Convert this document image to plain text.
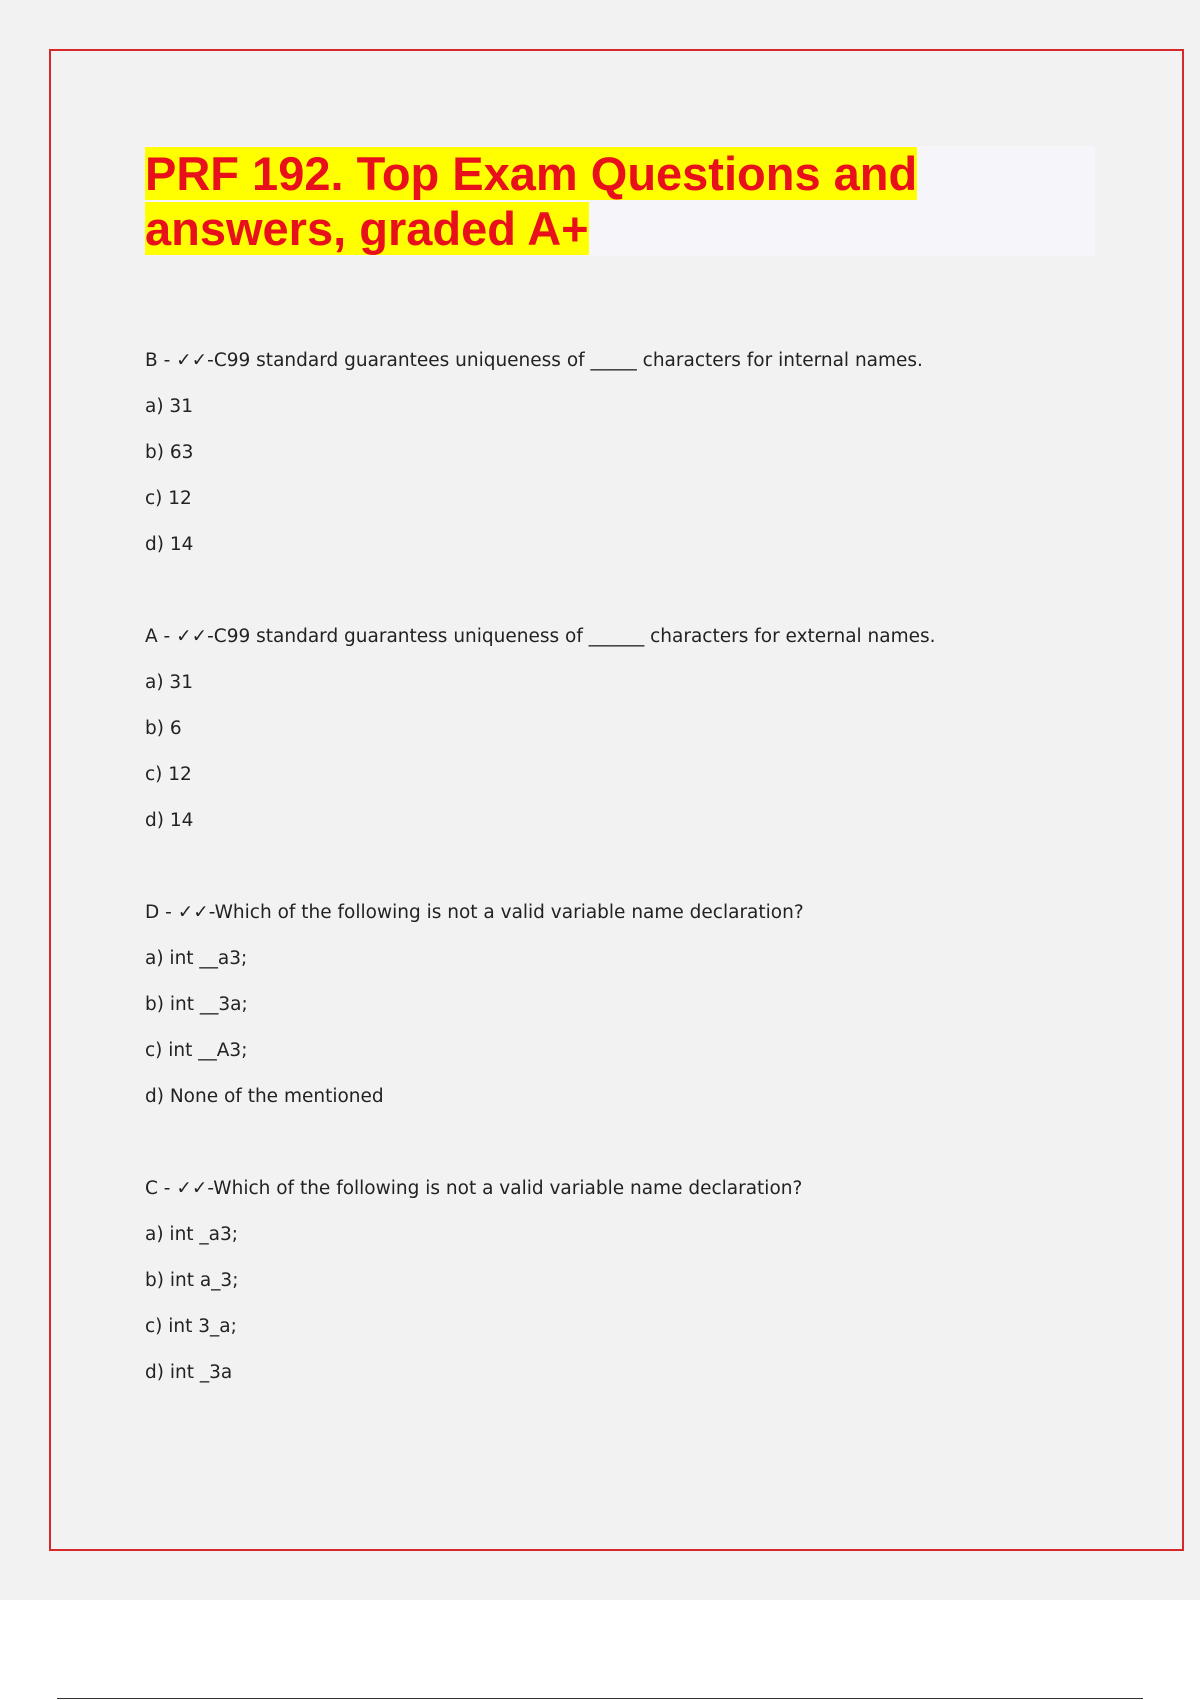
PRF 192. Top Exam Questions and
answers, graded A+
B - ✓✓-C99 standard guarantees uniqueness of _____ characters for internal names.
a) 31
b) 63
c) 12
d) 14
A - ✓✓-C99 standard guarantess uniqueness of ______ characters for external names.
a) 31
b) 6
c) 12
d) 14
D - ✓✓-Which of the following is not a valid variable name declaration?
a) int __a3;
b) int __3a;
c) int __A3;
d) None of the mentioned
C - ✓✓-Which of the following is not a valid variable name declaration?
a) int _a3;
b) int a_3;
c) int 3_a;
d) int _3a
